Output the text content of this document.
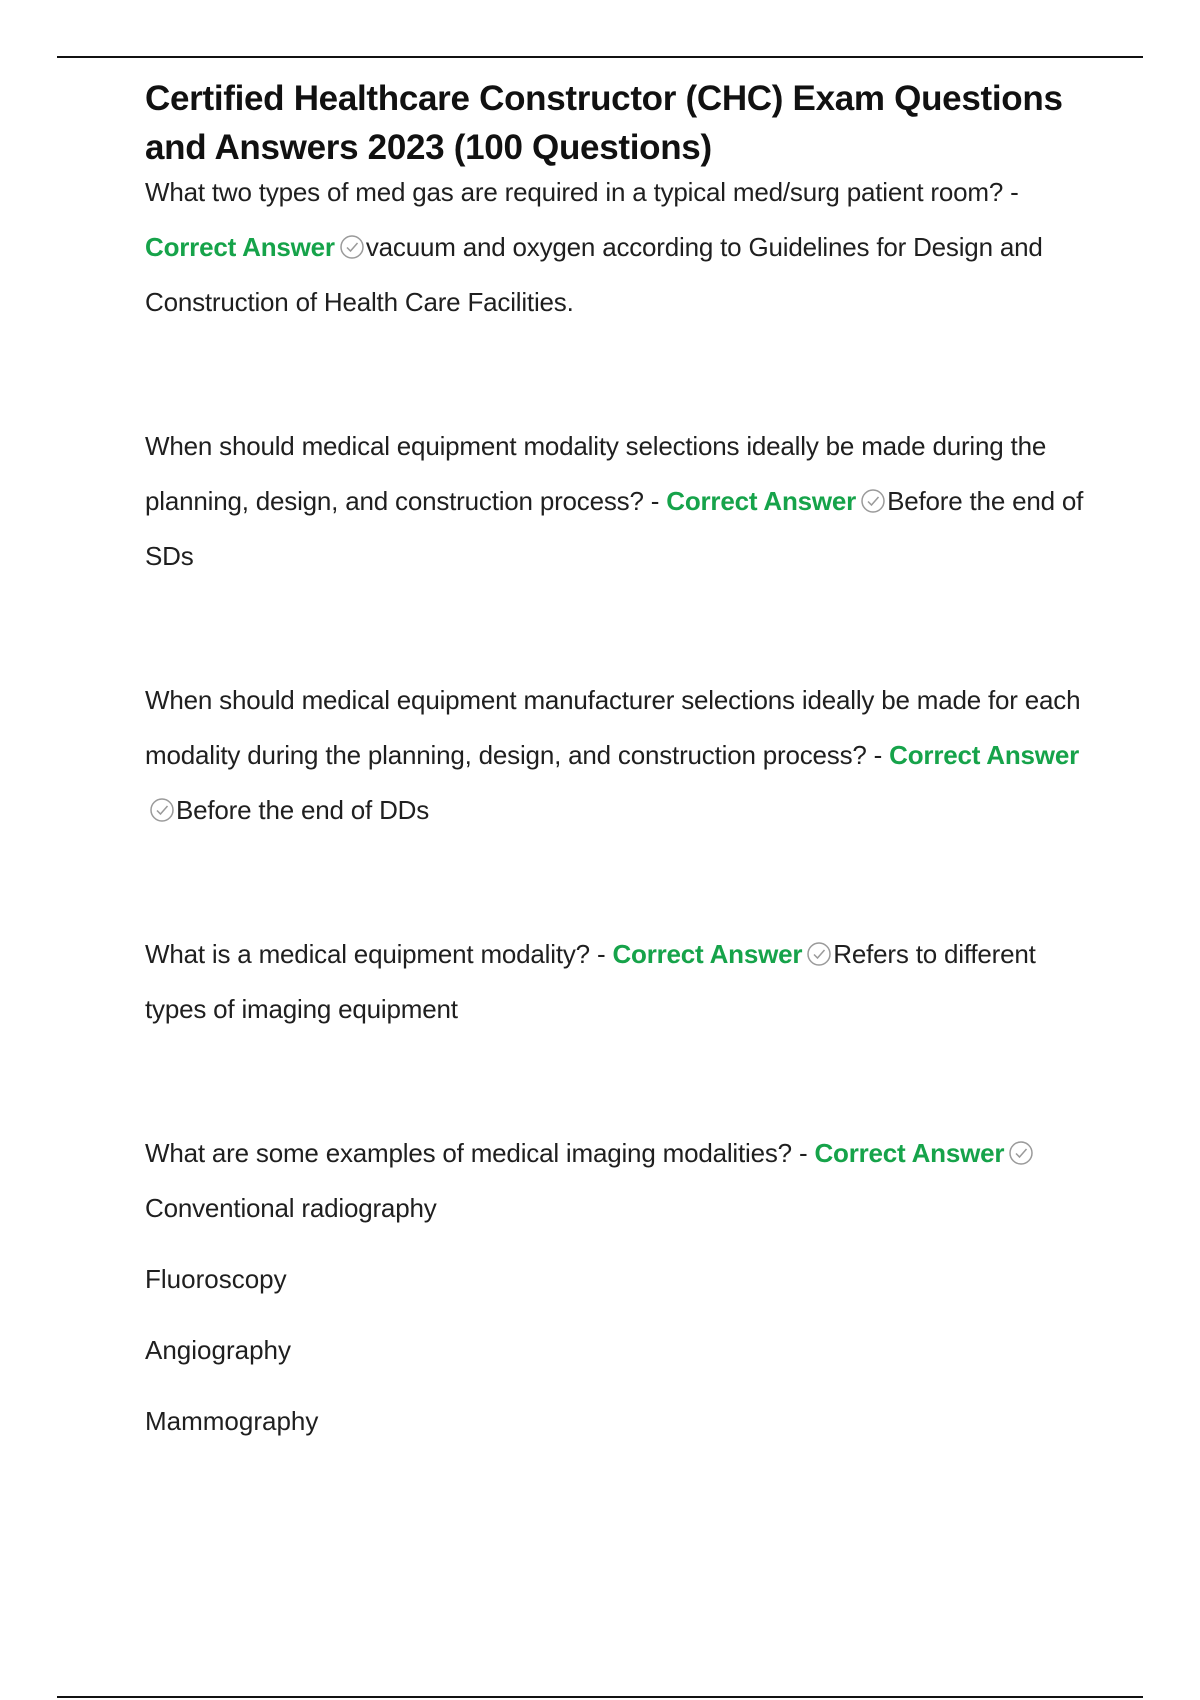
Certified Healthcare Constructor (CHC) Exam Questions and Answers 2023 (100 Questions)

What two types of med gas are required in a typical med/surg patient room? - Correct Answer vacuum and oxygen according to Guidelines for Design and Construction of Health Care Facilities.

When should medical equipment modality selections ideally be made during the planning, design, and construction process? - Correct Answer Before the end of SDs

When should medical equipment manufacturer selections ideally be made for each modality during the planning, design, and construction process? - Correct Answer
Before the end of DDs

What is a medical equipment modality? - Correct Answer Refers to different types of imaging equipment

What are some examples of medical imaging modalities? - Correct Answer
Conventional radiography

Fluoroscopy

Angiography

Mammography
